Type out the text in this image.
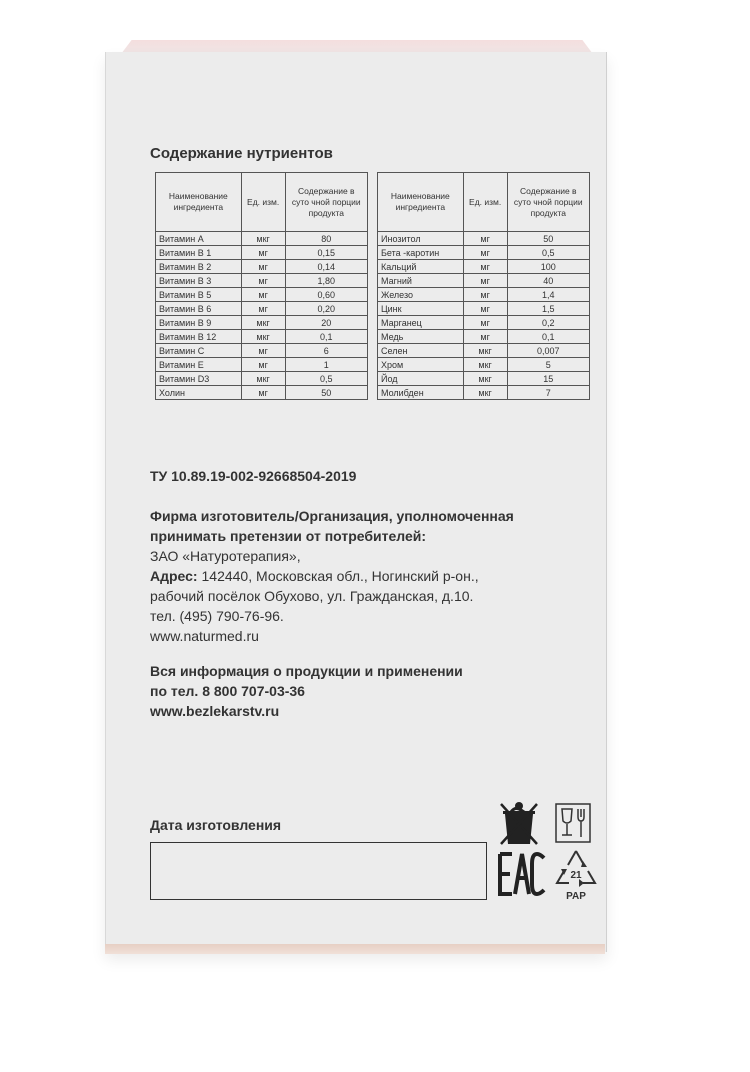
Содержание нутриентов
Наименование ингредиента	Ед. изм.	Содержание в суто чной порции продукта
Витамин А	мкг	80
Витамин В 1	мг	0,15
Витамин В 2	мг	0,14
Витамин В 3	мг	1,80
Витамин В 5	мг	0,60
Витамин В 6	мг	0,20
Витамин В 9	мкг	20
Витамин В 12	мкг	0,1
Витамин С	мг	6
Витамин Е	мг	1
Витамин D3	мкг	0,5
Холин	мг	50
Наименование ингредиента	Ед. изм.	Содержание в суто чной порции продукта
Инозитол	мг	50
Бета -каротин	мг	0,5
Кальций	мг	100
Магний	мг	40
Железо	мг	1,4
Цинк	мг	1,5
Марганец	мг	0,2
Медь	мг	0,1
Селен	мкг	0,007
Хром	мкг	5
Йод	мкг	15
Молибден	мкг	7
ТУ 10.89.19-002-92668504-2019
Фирма изготовитель/Организация, уполномоченная
принимать претензии от потребителей:
ЗАО «Натуротерапия»,
Адрес: 142440, Московская обл., Ногинский р-он.,
рабочий посёлок Обухово, ул. Гражданская, д.10.
тел. (495) 790-76-96.
www.naturmed.ru
Вся информация о продукции и применении
по тел. 8 800 707-03-36
www.bezlekarstv.ru
Дата изготовления
21
PAP
